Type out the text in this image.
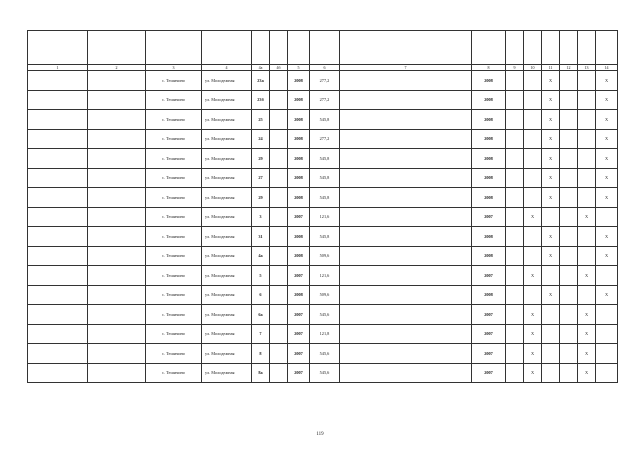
1	2	3	4	4а	4б	5	6	7	8	9	10	11	12	13	14
		с. Тешичино	ул. Молодежная	23а		2008	277,2		2008			X			X
		с. Тешичино	ул. Молодежная	23б		2008	277,2		2008			X			X
		с. Тешичино	ул. Молодежная	25		2008	545,8		2008			X			X
		с. Тешичино	ул. Молодежная	24		2008	277,2		2008			X			X
		с. Тешичино	ул. Молодежная	29		2008	545,8		2008			X			X
		с. Тешичино	ул. Молодежная	27		2008	545,8		2008			X			X
		с. Тешичино	ул. Молодежная	29		2008	545,8		2008			X			X
		с. Тешичино	ул. Молодежная	3		2007	121,6		2007		X			X	
		с. Тешичино	ул. Молодежная	31		2008	545,8		2008			X			X
		с. Тешичино	ул. Молодежная	4а		2008	509,6		2008			X			X
		с. Тешичино	ул. Молодежная	5		2007	121,6		2007		X			X	
		с. Тешичино	ул. Молодежная	6		2008	509,6		2008			X			X
		с. Тешичино	ул. Молодежная	6а		2007	545,6		2007		X			X	
		с. Тешичино	ул. Молодежная	7		2007	121,8		2007		X			X	
		с. Тешичино	ул. Молодежная	8		2007	545,6		2007		X			X	
		с. Тешичино	ул. Молодежная	8а		2007	545,6		2007		X			X	
119
